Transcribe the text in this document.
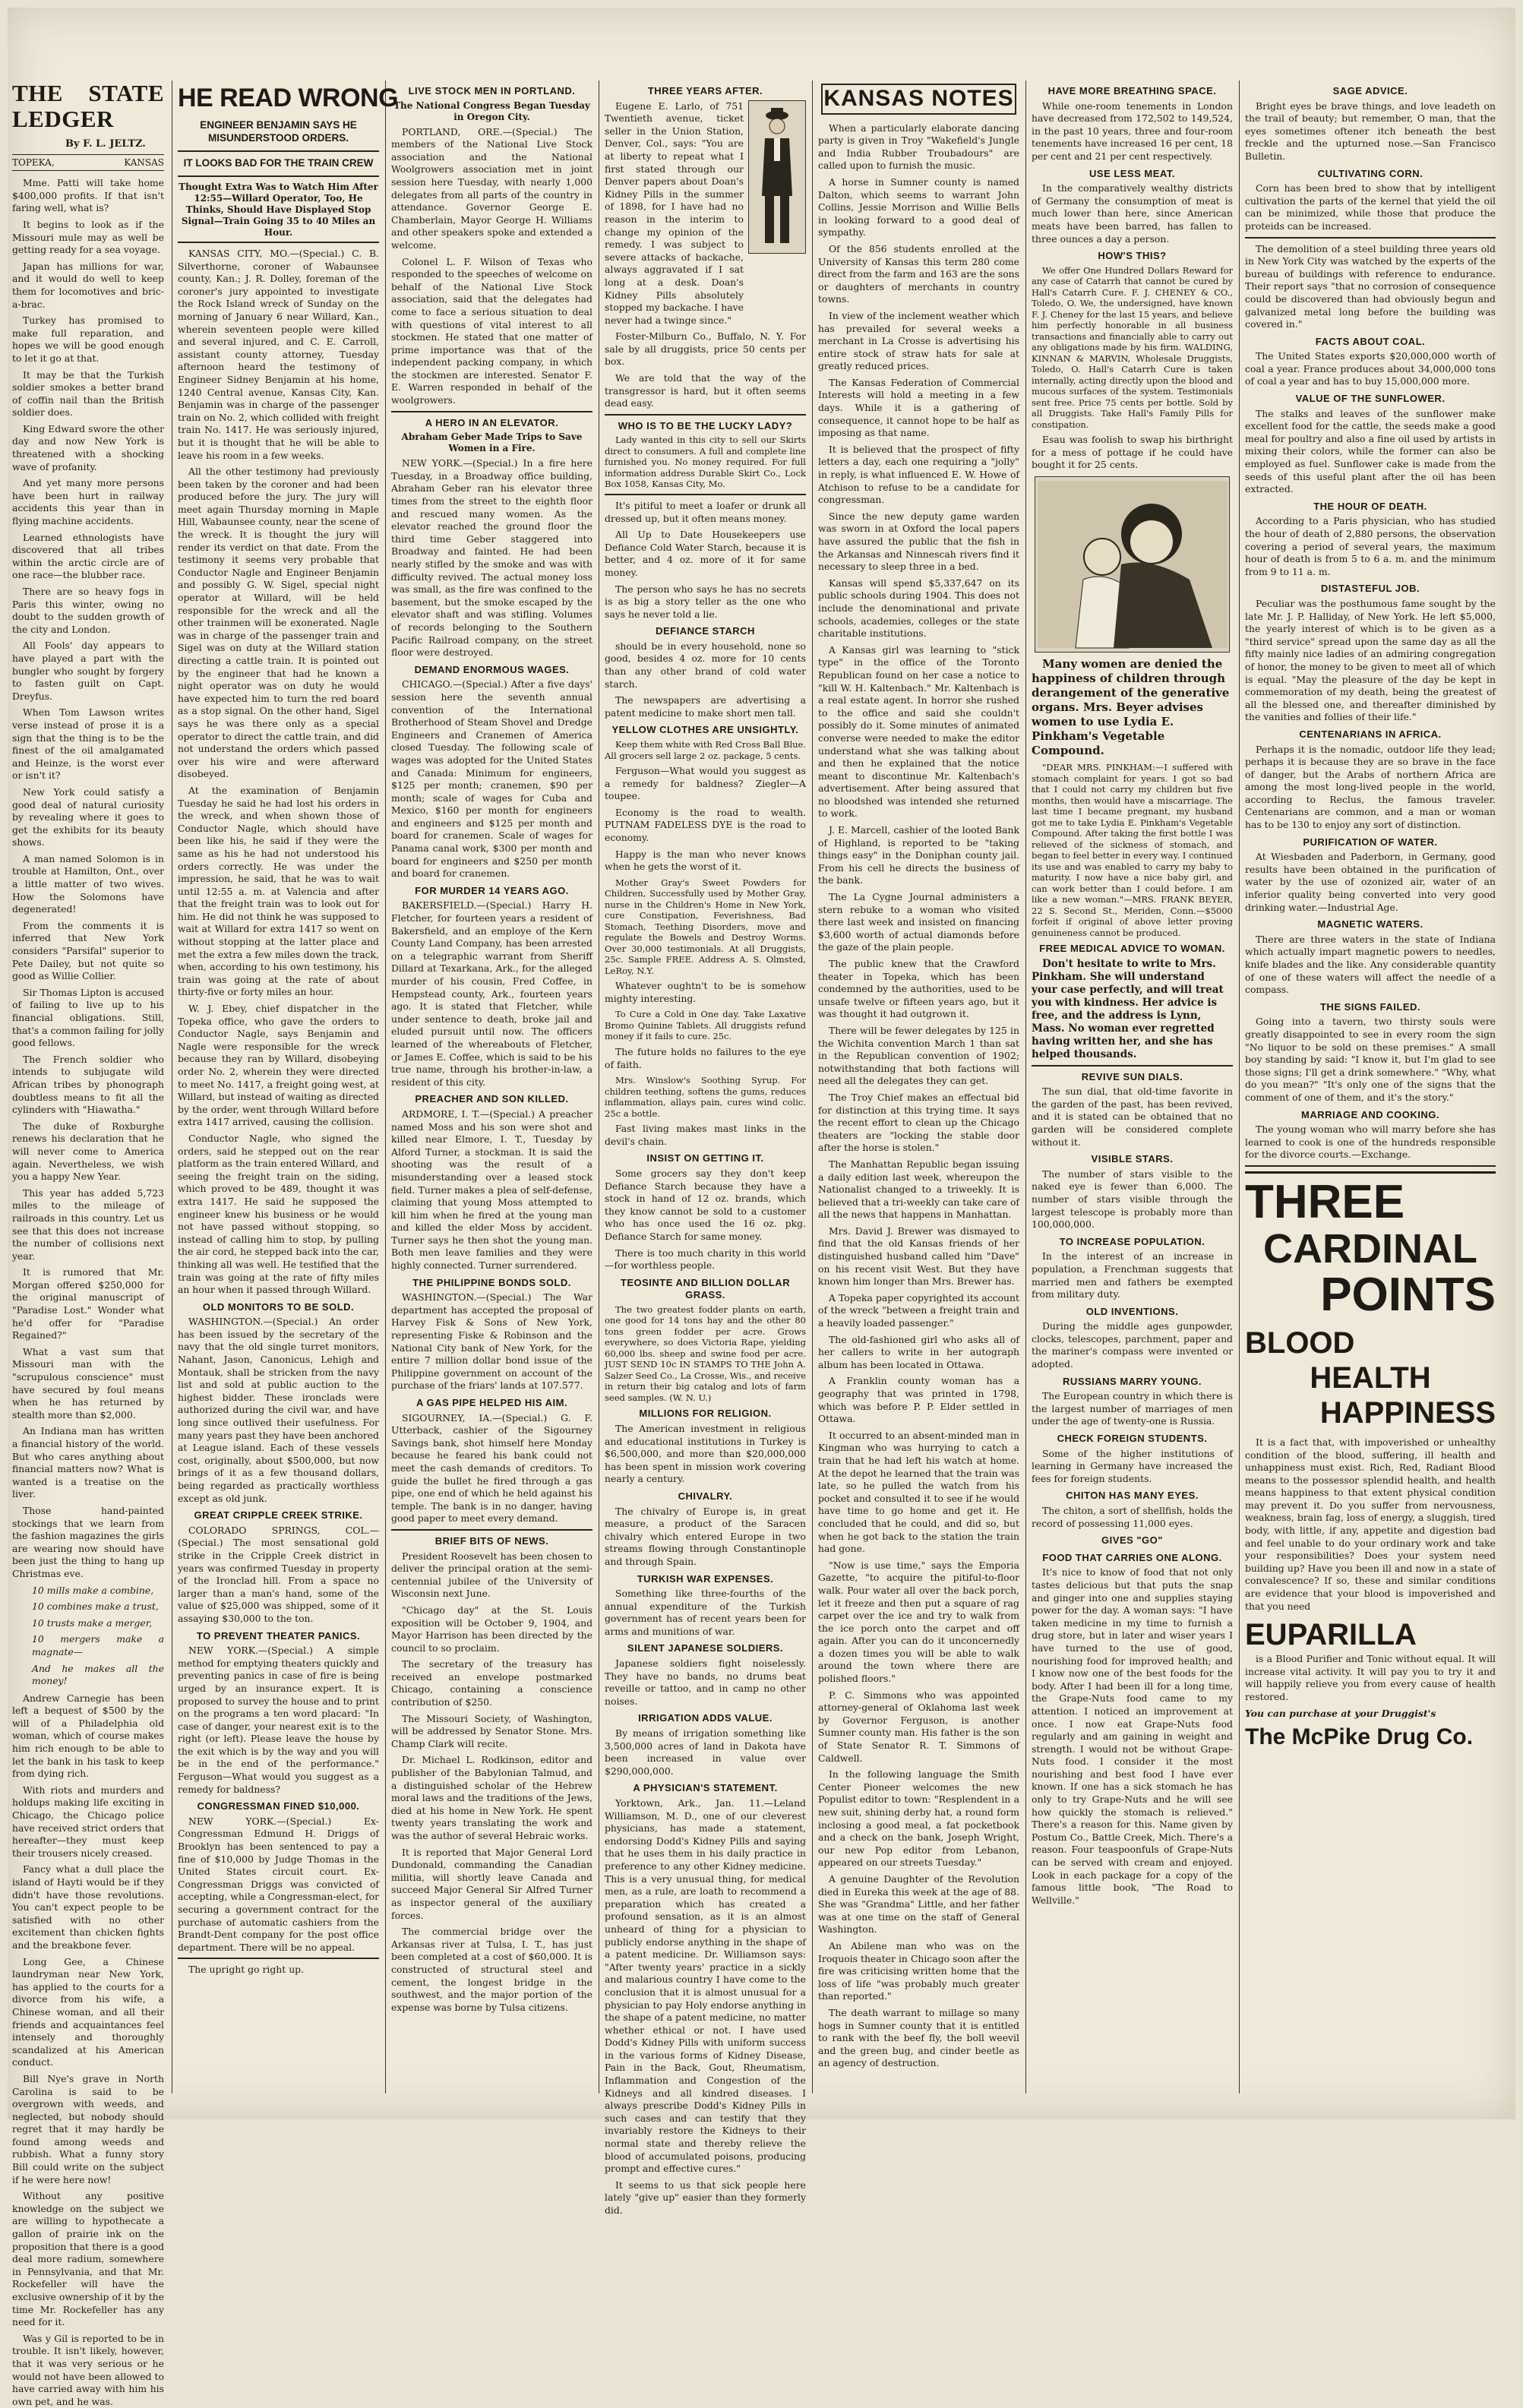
THE STATE LEDGER
By F. L. JELTZ.
TOPEKA,	KANSAS

Mme. Patti will take home $400,000 profits. If that isn't faring well, what is?

It begins to look as if the Missouri mule may as well be getting ready for a sea voyage.

Japan has millions for war, and it would do well to keep them for locomotives and bric-a-brac.

Turkey has promised to make full reparation, and hopes we will be good enough to let it go at that.

It may be that the Turkish soldier smokes a better brand of coffin nail than the British soldier does.

King Edward swore the other day and now New York is threatened with a shocking wave of profanity.

And yet many more persons have been hurt in railway accidents this year than in flying machine accidents.

Learned ethnologists have discovered that all tribes within the arctic circle are of one race—the blubber race.

There are so heavy fogs in Paris this winter, owing no doubt to the sudden growth of the city and London.

All Fools' day appears to have played a part with the bungler who sought by forgery to fasten guilt on Capt. Dreyfus.

When Tom Lawson writes verse instead of prose it is a sign that the thing is to be the finest of the oil amalgamated and Heinze, is the worst ever or isn't it?

New York could satisfy a good deal of natural curiosity by revealing where it goes to get the exhibits for its beauty shows.

A man named Solomon is in trouble at Hamilton, Ont., over a little matter of two wives. How the Solomons have degenerated!

From the comments it is inferred that New York considers "Parsifal" superior to Pete Dailey, but not quite so good as Willie Collier.

Sir Thomas Lipton is accused of failing to live up to his financial obligations. Still, that's a common failing for jolly good fellows.

The French soldier who intends to subjugate wild African tribes by phonograph doubtless means to fit all the cylinders with "Hiawatha."

The duke of Roxburghe renews his declaration that he will never come to America again. Nevertheless, we wish you a happy New Year.

This year has added 5,723 miles to the mileage of railroads in this country. Let us see that this does not increase the number of collisions next year.

It is rumored that Mr. Morgan offered $250,000 for the original manuscript of "Paradise Lost." Wonder what he'd offer for "Paradise Regained?"

What a vast sum that Missouri man with the "scrupulous conscience" must have secured by foul means when he has returned by stealth more than $2,000.

An Indiana man has written a financial history of the world. But who cares anything about financial matters now? What is wanted is a treatise on the liver.

Those hand-painted stockings that we learn from the fashion magazines the girls are wearing now should have been just the thing to hang up Christmas eve.

10 mills make a combine,

10 combines make a trust,

10 trusts make a merger,

10 mergers make a magnate—

And he makes all the money!

Andrew Carnegie has been left a bequest of $500 by the will of a Philadelphia old woman, which of course makes him rich enough to be able to let the bank in his task to keep from dying rich.

With riots and murders and holdups making life exciting in Chicago, the Chicago police have received strict orders that hereafter—they must keep their trousers nicely creased.

Fancy what a dull place the island of Hayti would be if they didn't have those revolutions. You can't expect people to be satisfied with no other excitement than chicken fights and the breakbone fever.

Long Gee, a Chinese laundryman near New York, has applied to the courts for a divorce from his wife, a Chinese woman, and all their friends and acquaintances feel intensely and thoroughly scandalized at his American conduct.

Bill Nye's grave in North Carolina is said to be overgrown with weeds, and neglected, but nobody should regret that it may hardly be found among weeds and rubbish. What a funny story Bill could write on the subject if he were here now!

Without any positive knowledge on the subject we are willing to hypothecate a gallon of prairie ink on the proposition that there is a good deal more radium, somewhere in Pennsylvania, and that Mr. Rockefeller will have the exclusive ownership of it by the time Mr. Rockefeller has any need for it.

Was y Gil is reported to be in trouble. It isn't likely, however, that it was very serious or he would not have been allowed to have carried away with him his own pet, and he was.

HE READ WRONG
ENGINEER BENJAMIN SAYS HE MISUNDERSTOOD ORDERS.
IT LOOKS BAD FOR THE TRAIN CREW
Thought Extra Was to Watch Him After 12:55—Willard Operator, Too, He Thinks, Should Have Displayed Stop Signal—Train Going 35 to 40 Miles an Hour.

KANSAS CITY, MO.—(Special.) C. B. Silverthorne, coroner of Wabaunsee county, Kan.; J. R. Dolley, foreman of the coroner's jury appointed to investigate the Rock Island wreck of Sunday on the morning of January 6 near Willard, Kan., wherein seventeen people were killed and several injured, and C. E. Carroll, assistant county attorney, Tuesday afternoon heard the testimony of Engineer Sidney Benjamin at his home, 1240 Central avenue, Kansas City, Kan. Benjamin was in charge of the passenger train on No. 2, which collided with freight train No. 1417. He was seriously injured, but it is thought that he will be able to leave his room in a few weeks.

All the other testimony had previously been taken by the coroner and had been produced before the jury. The jury will meet again Thursday morning in Maple Hill, Wabaunsee county, near the scene of the wreck. It is thought the jury will render its verdict on that date. From the testimony it seems very probable that Conductor Nagle and Engineer Benjamin and possibly G. W. Sigel, special night operator at Willard, will be held responsible for the wreck and all the other trainmen will be exonerated. Nagle was in charge of the passenger train and Sigel was on duty at the Willard station directing a cattle train. It is pointed out by the engineer that had he known a night operator was on duty he would have expected him to turn the red board as a stop signal. On the other hand, Sigel says he was there only as a special operator to direct the cattle train, and did not understand the orders which passed over his wire and were afterward disobeyed.

At the examination of Benjamin Tuesday he said he had lost his orders in the wreck, and when shown those of Conductor Nagle, which should have been like his, he said if they were the same as his he had not understood his orders correctly. He was under the impression, he said, that he was to wait until 12:55 a. m. at Valencia and after that the freight train was to look out for him. He did not think he was supposed to wait at Willard for extra 1417 so went on without stopping at the latter place and met the extra a few miles down the track, when, according to his own testimony, his train was going at the rate of about thirty-five or forty miles an hour.

W. J. Ebey, chief dispatcher in the Topeka office, who gave the orders to Conductor Nagle, says Benjamin and Nagle were responsible for the wreck because they ran by Willard, disobeying order No. 2, wherein they were directed to meet No. 1417, a freight going west, at Willard, but instead of waiting as directed by the order, went through Willard before extra 1417 arrived, causing the collision.

Conductor Nagle, who signed the orders, said he stepped out on the rear platform as the train entered Willard, and seeing the freight train on the siding, which proved to be 489, thought it was extra 1417. He said he supposed the engineer knew his business or he would not have passed without stopping, so instead of calling him to stop, by pulling the air cord, he stepped back into the car, thinking all was well. He testified that the train was going at the rate of fifty miles an hour when it passed through Willard.

OLD MONITORS TO BE SOLD.

WASHINGTON.—(Special.) An order has been issued by the secretary of the navy that the old single turret monitors, Nahant, Jason, Canonicus, Lehigh and Montauk, shall be stricken from the navy list and sold at public auction to the highest bidder. These ironclads were authorized during the civil war, and have long since outlived their usefulness. For many years past they have been anchored at League island. Each of these vessels cost, originally, about $500,000, but now brings of it as a few thousand dollars, being regarded as practically worthless except as old junk.

GREAT CRIPPLE CREEK STRIKE.

COLORADO SPRINGS, COL.—(Special.) The most sensational gold strike in the Cripple Creek district in years was confirmed Tuesday in property of the Ironclad hill. From a space no larger than a man's hand, some of the value of $25,000 was shipped, some of it assaying $30,000 to the ton.

TO PREVENT THEATER PANICS.

NEW YORK.—(Special.) A simple method for emptying theaters quickly and preventing panics in case of fire is being urged by an insurance expert. It is proposed to survey the house and to print on the programs a ten word placard: "In case of danger, your nearest exit is to the right (or left). Please leave the house by the exit which is by the way and you will be in the end of the performance." Ferguson—What would you suggest as a remedy for baldness?

CONGRESSMAN FINED $10,000.

NEW YORK.—(Special.) Ex-Congressman Edmund H. Driggs of Brooklyn has been sentenced to pay a fine of $10,000 by Judge Thomas in the United States circuit court. Ex-Congressman Driggs was convicted of accepting, while a Congressman-elect, for securing a government contract for the purchase of automatic cashiers from the Brandt-Dent company for the post office department. There will be no appeal.

The upright go right up.

LIVE STOCK MEN IN PORTLAND.
The National Congress Began Tuesday in Oregon City.

PORTLAND, ORE.—(Special.) The members of the National Live Stock association and the National Woolgrowers association met in joint session here Tuesday, with nearly 1,000 delegates from all parts of the country in attendance. Governor George E. Chamberlain, Mayor George H. Williams and other speakers spoke and extended a welcome.

Colonel L. F. Wilson of Texas who responded to the speeches of welcome on behalf of the National Live Stock association, said that the delegates had come to face a serious situation to deal with questions of vital interest to all stockmen. He stated that one matter of prime importance was that of the independent packing company, in which the stockmen are interested. Senator F. E. Warren responded in behalf of the woolgrowers.

A HERO IN AN ELEVATOR.
Abraham Geber Made Trips to Save Women in a Fire.

NEW YORK.—(Special.) In a fire here Tuesday, in a Broadway office building, Abraham Geber ran his elevator three times from the street to the eighth floor and rescued many women. As the elevator reached the ground floor the third time Geber staggered into Broadway and fainted. He had been nearly stifled by the smoke and was with difficulty revived. The actual money loss was small, as the fire was confined to the basement, but the smoke escaped by the elevator shaft and was stifling. Volumes of records belonging to the Southern Pacific Railroad company, on the street floor were destroyed.

DEMAND ENORMOUS WAGES.

CHICAGO.—(Special.) After a five days' session here the seventh annual convention of the International Brotherhood of Steam Shovel and Dredge Engineers and Cranemen of America closed Tuesday. The following scale of wages was adopted for the United States and Canada: Minimum for engineers, $125 per month; cranemen, $90 per month; scale of wages for Cuba and Mexico, $160 per month for engineers and engineers and $125 per month and board for cranemen. Scale of wages for Panama canal work, $300 per month and board for engineers and $250 per month and board for cranemen.

FOR MURDER 14 YEARS AGO.

BAKERSFIELD.—(Special.) Harry H. Fletcher, for fourteen years a resident of Bakersfield, and an employe of the Kern County Land Company, has been arrested on a telegraphic warrant from Sheriff Dillard at Texarkana, Ark., for the alleged murder of his cousin, Fred Coffee, in Hempstead county, Ark., fourteen years ago. It is stated that Fletcher, while under sentence to death, broke jail and eluded pursuit until now. The officers learned of the whereabouts of Fletcher, or James E. Coffee, which is said to be his true name, through his brother-in-law, a resident of this city.

PREACHER AND SON KILLED.

ARDMORE, I. T.—(Special.) A preacher named Moss and his son were shot and killed near Elmore, I. T., Tuesday by Alford Turner, a stockman. It is said the shooting was the result of a misunderstanding over a leased stock field. Turner makes a plea of self-defense, claiming that young Moss attempted to kill him when he fired at the young man and killed the elder Moss by accident. Turner says he then shot the young man. Both men leave families and they were highly connected. Turner surrendered.

THE PHILIPPINE BONDS SOLD.

WASHINGTON.—(Special.) The War department has accepted the proposal of Harvey Fisk & Sons of New York, representing Fiske & Robinson and the National City bank of New York, for the entire 7 million dollar bond issue of the Philippine government on account of the purchase of the friars' lands at 107.577.

A GAS PIPE HELPED HIS AIM.

SIGOURNEY, IA.—(Special.) G. F. Utterback, cashier of the Sigourney Savings bank, shot himself here Monday because he feared his bank could not meet the cash demands of creditors. To guide the bullet he fired through a gas pipe, one end of which he held against his temple. The bank is in no danger, having good paper to meet every demand.

BRIEF BITS OF NEWS.

President Roosevelt has been chosen to deliver the principal oration at the semi-centennial jubilee of the University of Wisconsin next June.

"Chicago day" at the St. Louis exposition will be October 9, 1904, and Mayor Harrison has been directed by the council to so proclaim.

The secretary of the treasury has received an envelope postmarked Chicago, containing a conscience contribution of $250.

The Missouri Society, of Washington, will be addressed by Senator Stone. Mrs. Champ Clark will recite.

Dr. Michael L. Rodkinson, editor and publisher of the Babylonian Talmud, and a distinguished scholar of the Hebrew moral laws and the traditions of the Jews, died at his home in New York. He spent twenty years translating the work and was the author of several Hebraic works.

It is reported that Major General Lord Dundonald, commanding the Canadian militia, will shortly leave Canada and succeed Major General Sir Alfred Turner as inspector general of the auxiliary forces.

The commercial bridge over the Arkansas river at Tulsa, I. T., has just been completed at a cost of $60,000. It is constructed of structural steel and cement, the longest bridge in the southwest, and the major portion of the expense was borne by Tulsa citizens.

THREE YEARS AFTER.

Eugene E. Larlo, of 751 Twentieth avenue, ticket seller in the Union Station, Denver, Col., says: "You are at liberty to repeat what I first stated through our Denver papers about Doan's Kidney Pills in the summer of 1898, for I have had no reason in the interim to change my opinion of the remedy. I was subject to severe attacks of backache, always aggravated if I sat long at a desk. Doan's Kidney Pills absolutely stopped my backache. I have never had a twinge since."

Foster-Milburn Co., Buffalo, N. Y. For sale by all druggists, price 50 cents per box.

We are told that the way of the transgressor is hard, but it often seems dead easy.

WHO IS TO BE THE LUCKY LADY?

Lady wanted in this city to sell our Skirts direct to consumers. A full and complete line furnished you. No money required. For full information address Durable Skirt Co., Lock Box 1058, Kansas City, Mo.

It's pitiful to meet a loafer or drunk all dressed up, but it often means money.

All Up to Date Housekeepers use Defiance Cold Water Starch, because it is better, and 4 oz. more of it for same money.

The person who says he has no secrets is as big a story teller as the one who says he never told a lie.

DEFIANCE STARCH

should be in every household, none so good, besides 4 oz. more for 10 cents than any other brand of cold water starch.

The newspapers are advertising a patent medicine to make short men tall.

YELLOW CLOTHES ARE UNSIGHTLY.

Keep them white with Red Cross Ball Blue. All grocers sell large 2 oz. package, 5 cents.

Ferguson—What would you suggest as a remedy for baldness? Ziegler—A toupee.

Economy is the road to wealth. PUTNAM FADELESS DYE is the road to economy.

Happy is the man who never knows when he gets the worst of it.

Mother Gray's Sweet Powders for Children, Successfully used by Mother Gray, nurse in the Children's Home in New York, cure Constipation, Feverishness, Bad Stomach, Teething Disorders, move and regulate the Bowels and Destroy Worms. Over 30,000 testimonials. At all Druggists, 25c. Sample FREE. Address A. S. Olmsted, LeRoy, N.Y.

Whatever oughtn't to be is somehow mighty interesting.

To Cure a Cold in One day. Take Laxative Bromo Quinine Tablets. All druggists refund money if it fails to cure. 25c.

The future holds no failures to the eye of faith.

Mrs. Winslow's Soothing Syrup. For children teething, softens the gums, reduces inflammation, allays pain, cures wind colic. 25c a bottle.

Fast living makes mast links in the devil's chain.

INSIST ON GETTING IT.

Some grocers say they don't keep Defiance Starch because they have a stock in hand of 12 oz. brands, which they know cannot be sold to a customer who has once used the 16 oz. pkg. Defiance Starch for same money.

There is too much charity in this world—for worthless people.

TEOSINTE AND BILLION DOLLAR GRASS.

The two greatest fodder plants on earth, one good for 14 tons hay and the other 80 tons green fodder per acre. Grows everywhere, so does Victoria Rape, yielding 60,000 lbs. sheep and swine food per acre. JUST SEND 10c IN STAMPS TO THE John A. Salzer Seed Co., La Crosse, Wis., and receive in return their big catalog and lots of farm seed samples. (W. N. U.)

MILLIONS FOR RELIGION.

The American investment in religious and educational institutions in Turkey is $6,500,000, and more than $20,000,000 has been spent in mission work covering nearly a century.

CHIVALRY.

The chivalry of Europe is, in great measure, a product of the Saracen chivalry which entered Europe in two streams flowing through Constantinople and through Spain.

TURKISH WAR EXPENSES.

Something like three-fourths of the annual expenditure of the Turkish government has of recent years been for arms and munitions of war.

SILENT JAPANESE SOLDIERS.

Japanese soldiers fight noiselessly. They have no bands, no drums beat reveille or tattoo, and in camp no other noises.

IRRIGATION ADDS VALUE.

By means of irrigation something like 3,500,000 acres of land in Dakota have been increased in value over $290,000,000.

A PHYSICIAN'S STATEMENT.

Yorktown, Ark., Jan. 11.—Leland Williamson, M. D., one of our cleverest physicians, has made a statement, endorsing Dodd's Kidney Pills and saying that he uses them in his daily practice in preference to any other Kidney medicine. This is a very unusual thing, for medical men, as a rule, are loath to recommend a preparation which has created a profound sensation, as it is an almost unheard of thing for a physician to publicly endorse anything in the shape of a patent medicine. Dr. Williamson says: "After twenty years' practice in a sickly and malarious country I have come to the conclusion that it is almost unusual for a physician to pay Holy endorse anything in the shape of a patent medicine, no matter whether ethical or not. I have used Dodd's Kidney Pills with uniform success in the various forms of Kidney Disease, Pain in the Back, Gout, Rheumatism, Inflammation and Congestion of the Kidneys and all kindred diseases. I always prescribe Dodd's Kidney Pills in such cases and can testify that they invariably restore the Kidneys to their normal state and thereby relieve the blood of accumulated poisons, producing prompt and effective cures."

It seems to us that sick people here lately "give up" easier than they formerly did.

KANSAS NOTES

When a particularly elaborate dancing party is given in Troy "Wakefield's Jungle and India Rubber Troubadours" are called upon to furnish the music.

A horse in Sumner county is named Dalton, which seems to warrant John Collins, Jessie Morrison and Willie Bells in looking forward to a good deal of sympathy.

Of the 856 students enrolled at the University of Kansas this term 280 come direct from the farm and 163 are the sons or daughters of merchants in country towns.

In view of the inclement weather which has prevailed for several weeks a merchant in La Crosse is advertising his entire stock of straw hats for sale at greatly reduced prices.

The Kansas Federation of Commercial Interests will hold a meeting in a few days. While it is a gathering of consequence, it cannot hope to be half as imposing as that name.

It is believed that the prospect of fifty letters a day, each one requiring a "jolly" in reply, is what influenced E. W. Howe of Atchison to refuse to be a candidate for congressman.

Since the new deputy game warden was sworn in at Oxford the local papers have assured the public that the fish in the Arkansas and Ninnescah rivers find it necessary to sleep three in a bed.

Kansas will spend $5,337,647 on its public schools during 1904. This does not include the denominational and private schools, academies, colleges or the state charitable institutions.

A Kansas girl was learning to "stick type" in the office of the Toronto Republican found on her case a notice to "kill W. H. Kaltenbach." Mr. Kaltenbach is a real estate agent. In horror she rushed to the office and said she couldn't possibly do it. Some minutes of animated converse were needed to make the editor understand what she was talking about and then he explained that the notice meant to discontinue Mr. Kaltenbach's advertisement. After being assured that no bloodshed was intended she returned to work.

J. E. Marcell, cashier of the looted Bank of Highland, is reported to be "taking things easy" in the Doniphan county jail. From his cell he directs the business of the bank.

The La Cygne Journal administers a stern rebuke to a woman who visited there last week and insisted on financing $3,600 worth of actual diamonds before the gaze of the plain people.

The public knew that the Crawford theater in Topeka, which has been condemned by the authorities, used to be unsafe twelve or fifteen years ago, but it was thought it had outgrown it.

There will be fewer delegates by 125 in the Wichita convention March 1 than sat in the Republican convention of 1902; notwithstanding that both factions will need all the delegates they can get.

The Troy Chief makes an effectual bid for distinction at this trying time. It says the recent effort to clean up the Chicago theaters are "locking the stable door after the horse is stolen."

The Manhattan Republic began issuing a daily edition last week, whereupon the Nationalist changed to a triweekly. It is believed that a tri-weekly can take care of all the news that happens in Manhattan.

Mrs. David J. Brewer was dismayed to find that the old Kansas friends of her distinguished husband called him "Dave" on his recent visit West. But they have known him longer than Mrs. Brewer has.

A Topeka paper copyrighted its account of the wreck "between a freight train and a heavily loaded passenger."

The old-fashioned girl who asks all of her callers to write in her autograph album has been located in Ottawa.

A Franklin county woman has a geography that was printed in 1798, which was before P. P. Elder settled in Ottawa.

It occurred to an absent-minded man in Kingman who was hurrying to catch a train that he had left his watch at home. At the depot he learned that the train was late, so he pulled the watch from his pocket and consulted it to see if he would have time to go home and get it. He concluded that he could, and did so, but when he got back to the station the train had gone.

"Now is use time," says the Emporia Gazette, "to acquire the pitiful-to-floor walk. Pour water all over the back porch, let it freeze and then put a square of rag carpet over the ice and try to walk from the ice porch onto the carpet and off again. After you can do it unconcernedly a dozen times you will be able to walk around the town where there are polished floors."

P. C. Simmons who was appointed attorney-general of Oklahoma last week by Governor Ferguson, is another Sumner county man. His father is the son of State Senator R. T. Simmons of Caldwell.

In the following language the Smith Center Pioneer welcomes the new Populist editor to town: "Resplendent in a new suit, shining derby hat, a round form inclosing a good meal, a fat pocketbook and a check on the bank, Joseph Wright, our new Pop editor from Lebanon, appeared on our streets Tuesday."

A genuine Daughter of the Revolution died in Eureka this week at the age of 88. She was "Grandma" Little, and her father was at one time on the staff of General Washington.

An Abilene man who was on the Iroquois theater in Chicago soon after the fire was criticising written home that the loss of life "was probably much greater than reported."

The death warrant to millage so many hogs in Sumner county that it is entitled to rank with the beef fly, the boll weevil and the green bug, and cinder beetle as an agency of destruction.

HAVE MORE BREATHING SPACE.

While one-room tenements in London have decreased from 172,502 to 149,524, in the past 10 years, three and four-room tenements have increased 16 per cent, 18 per cent and 21 per cent respectively.

USE LESS MEAT.

In the comparatively wealthy districts of Germany the consumption of meat is much lower than here, since American meats have been barred, has fallen to three ounces a day a person.

HOW'S THIS?

We offer One Hundred Dollars Reward for any case of Catarrh that cannot be cured by Hall's Catarrh Cure. F. J. CHENEY & CO., Toledo, O. We, the undersigned, have known F. J. Cheney for the last 15 years, and believe him perfectly honorable in all business transactions and financially able to carry out any obligations made by his firm. WALDING, KINNAN & MARVIN, Wholesale Druggists, Toledo, O. Hall's Catarrh Cure is taken internally, acting directly upon the blood and mucous surfaces of the system. Testimonials sent free. Price 75 cents per bottle. Sold by all Druggists. Take Hall's Family Pills for constipation.

Esau was foolish to swap his birthright for a mess of pottage if he could have bought it for 25 cents.

Many women are denied the happiness of children through derangement of the generative organs. Mrs. Beyer advises women to use Lydia E. Pinkham's Vegetable Compound.

"DEAR MRS. PINKHAM:—I suffered with stomach complaint for years. I got so bad that I could not carry my children but five months, then would have a miscarriage. The last time I became pregnant, my husband got me to take Lydia E. Pinkham's Vegetable Compound. After taking the first bottle I was relieved of the sickness of stomach, and began to feel better in every way. I continued its use and was enabled to carry my baby to maturity. I now have a nice baby girl, and can work better than I could before. I am like a new woman."—MRS. FRANK BEYER, 22 S. Second St., Meriden, Conn.—$5000 forfeit if original of above letter proving genuineness cannot be produced.

FREE MEDICAL ADVICE TO WOMAN.

Don't hesitate to write to Mrs. Pinkham. She will understand your case perfectly, and will treat you with kindness. Her advice is free, and the address is Lynn, Mass. No woman ever regretted having written her, and she has helped thousands.

REVIVE SUN DIALS.

The sun dial, that old-time favorite in the garden of the past, has been revived, and it is stated can be obtained that no garden will be considered complete without it.

VISIBLE STARS.

The number of stars visible to the naked eye is fewer than 6,000. The number of stars visible through the largest telescope is probably more than 100,000,000.

TO INCREASE POPULATION.

In the interest of an increase in population, a Frenchman suggests that married men and fathers be exempted from military duty.

OLD INVENTIONS.

During the middle ages gunpowder, clocks, telescopes, parchment, paper and the mariner's compass were invented or adopted.

RUSSIANS MARRY YOUNG.

The European country in which there is the largest number of marriages of men under the age of twenty-one is Russia.

CHECK FOREIGN STUDENTS.

Some of the higher institutions of learning in Germany have increased the fees for foreign students.

CHITON HAS MANY EYES.

The chiton, a sort of shellfish, holds the record of possessing 11,000 eyes.

GIVES "GO"
FOOD THAT CARRIES ONE ALONG.

It's nice to know of food that not only tastes delicious but that puts the snap and ginger into one and supplies staying power for the day. A woman says: "I have taken medicine in my time to furnish a drug store, but in later and wiser years I have turned to the use of good, nourishing food for improved health; and I know now one of the best foods for the body. After I had been ill for a long time, the Grape-Nuts food came to my attention. I noticed an improvement at once. I now eat Grape-Nuts food regularly and am gaining in weight and strength. I would not be without Grape-Nuts food. I consider it the most nourishing and best food I have ever known. If one has a sick stomach he has only to try Grape-Nuts and he will see how quickly the stomach is relieved." There's a reason for this. Name given by Postum Co., Battle Creek, Mich. There's a reason. Four teaspoonfuls of Grape-Nuts can be served with cream and enjoyed. Look in each package for a copy of the famous little book, "The Road to Wellville."

SAGE ADVICE.

Bright eyes be brave things, and love leadeth on the trail of beauty; but remember, O man, that the eyes sometimes oftener itch beneath the best freckle and the upturned nose.—San Francisco Bulletin.

CULTIVATING CORN.

Corn has been bred to show that by intelligent cultivation the parts of the kernel that yield the oil can be minimized, while those that produce the proteids can be increased.

The demolition of a steel building three years old in New York City was watched by the experts of the bureau of buildings with reference to endurance. Their report says "that no corrosion of consequence could be discovered than had obviously begun and galvanized metal long before the building was covered in."

FACTS ABOUT COAL.

The United States exports $20,000,000 worth of coal a year. France produces about 34,000,000 tons of coal a year and has to buy 15,000,000 more.

VALUE OF THE SUNFLOWER.

The stalks and leaves of the sunflower make excellent food for the cattle, the seeds make a good meal for poultry and also a fine oil used by artists in mixing their colors, while the former can also be employed as fuel. Sunflower cake is made from the seeds of this useful plant after the oil has been extracted.

THE HOUR OF DEATH.

According to a Paris physician, who has studied the hour of death of 2,880 persons, the observation covering a period of several years, the maximum hour of death is from 5 to 6 a. m. and the minimum from 9 to 11 a. m.

DISTASTEFUL JOB.

Peculiar was the posthumous fame sought by the late Mr. J. P. Halliday, of New York. He left $5,000, the yearly interest of which is to be given as a "third service" spread upon the same day as all the fifty mainly nice ladies of an admiring congregation of honor, the money to be given to meet all of which is equal. "May the pleasure of the day be kept in commemoration of my death, being the greatest of all the blessed one, and thereafter diminished by the vanities and follies of their life."

CENTENARIANS IN AFRICA.

Perhaps it is the nomadic, outdoor life they lead; perhaps it is because they are so brave in the face of danger, but the Arabs of northern Africa are among the most long-lived people in the world, according to Reclus, the famous traveler. Centenarians are common, and a man or woman has to be 130 to enjoy any sort of distinction.

PURIFICATION OF WATER.

At Wiesbaden and Paderborn, in Germany, good results have been obtained in the purification of water by the use of ozonized air, water of an inferior quality being converted into very good drinking water.—Industrial Age.

MAGNETIC WATERS.

There are three waters in the state of Indiana which actually impart magnetic powers to needles, knife blades and the like. Any considerable quantity of one of these waters will affect the needle of a compass.

THE SIGNS FAILED.

Going into a tavern, two thirsty souls were greatly disappointed to see in every room the sign "No liquor to be sold on these premises." A small boy standing by said: "I know it, but I'm glad to see those signs; I'll get a drink somewhere." "Why, what do you mean?" "It's only one of the signs that the comment of one of them, and it's the story."

MARRIAGE AND COOKING.

The young woman who will marry before she has learned to cook is one of the hundreds responsible for the divorce courts.—Exchange.

THREE
CARDINAL
POINTS
BLOOD
HEALTH
HAPPINESS

It is a fact that, with impoverished or unhealthy condition of the blood, suffering, ill health and unhappiness must exist. Rich, Red, Radiant Blood means to the possessor splendid health, and health means happiness to that extent physical condition may prevent it. Do you suffer from nervousness, weakness, brain fag, loss of energy, a sluggish, tired body, with little, if any, appetite and digestion bad and feel unable to do your ordinary work and take your responsibilities? Does your system need building up? Have you been ill and now in a state of convalescence? If so, these and similar conditions are evidence that your blood is impoverished and that you need

EUPARILLA

is a Blood Purifier and Tonic without equal. It will increase vital activity. It will pay you to try it and will happily relieve you from every cause of health restored.

You can purchase at your Druggist's

The McPike Drug Co.
